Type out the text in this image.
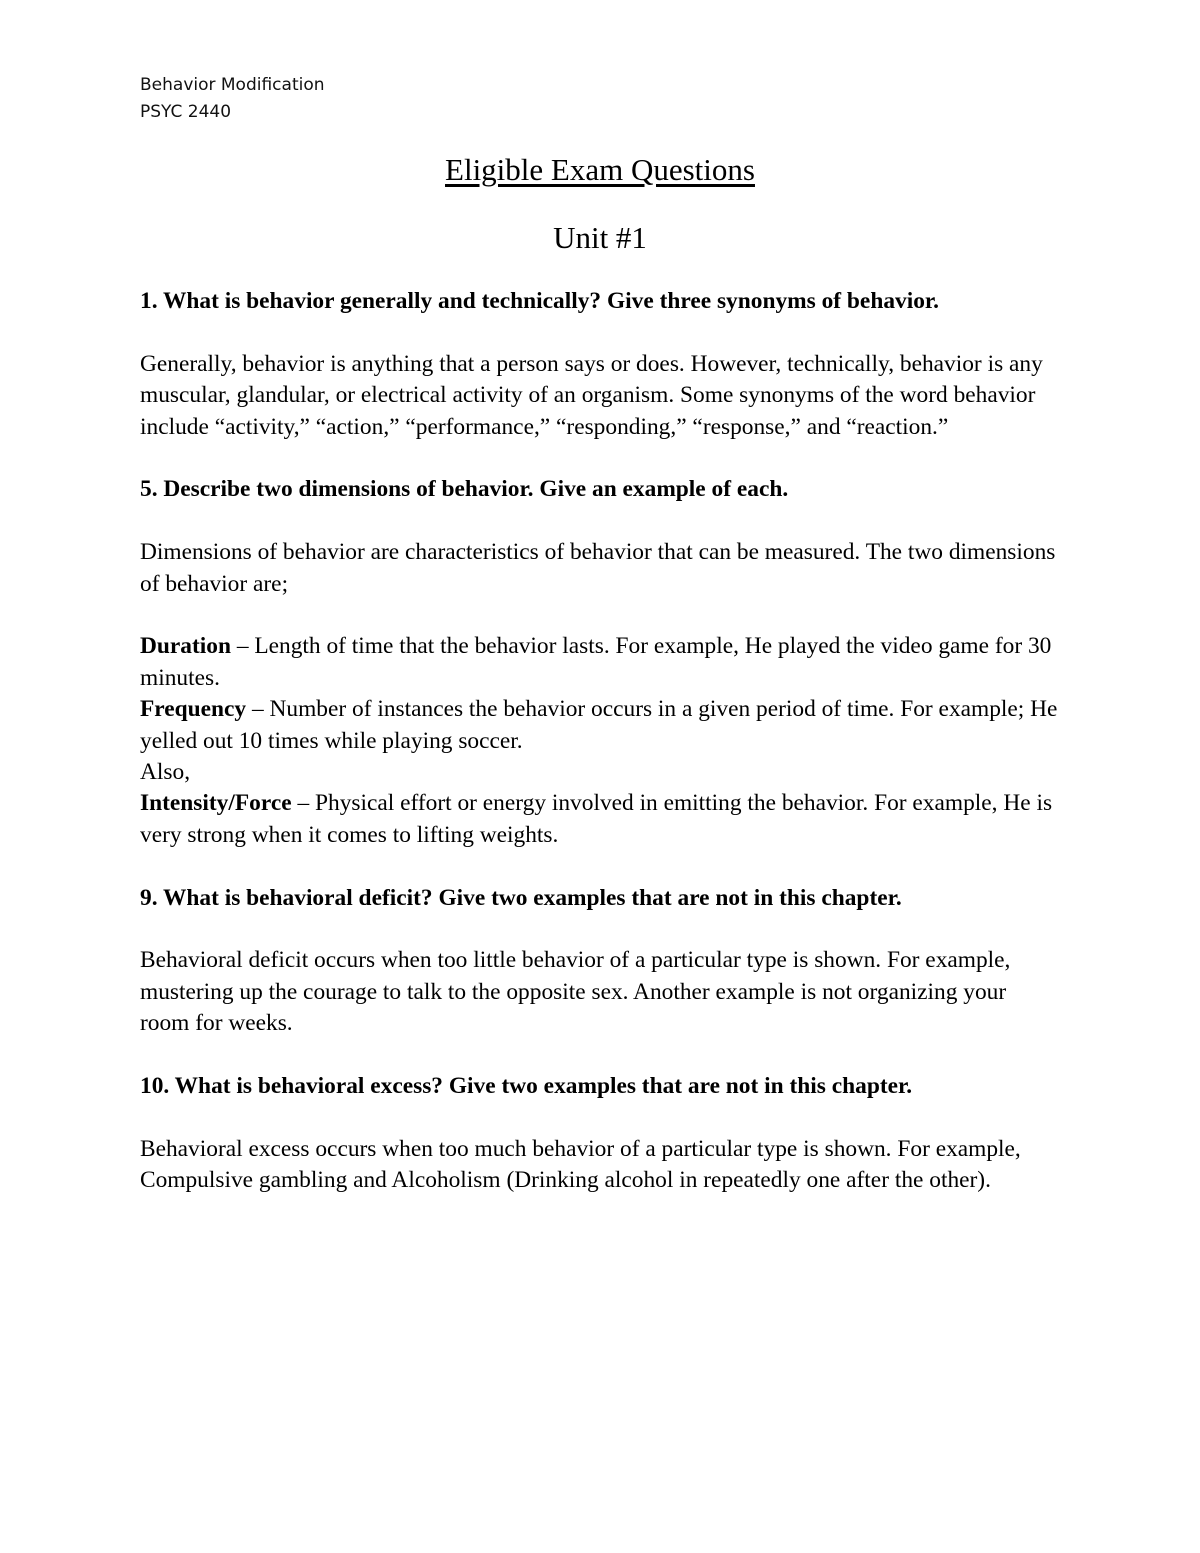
Behavior Modification
PSYC 2440
Eligible Exam Questions
Unit #1

1. What is behavior generally and technically? Give three synonyms of behavior.

Generally, behavior is anything that a person says or does. However, technically, behavior is any muscular, glandular, or electrical activity of an organism. Some synonyms of the word behavior include “activity,” “action,” “performance,” “responding,” “response,” and “reaction.”

5. Describe two dimensions of behavior. Give an example of each.

Dimensions of behavior are characteristics of behavior that can be measured. The two dimensions of behavior are;

Duration – Length of time that the behavior lasts. For example, He played the video game for 30 minutes.

Frequency – Number of instances the behavior occurs in a given period of time. For example; He yelled out 10 times while playing soccer.

Also,

Intensity/Force – Physical effort or energy involved in emitting the behavior. For example, He is very strong when it comes to lifting weights.

9. What is behavioral deficit? Give two examples that are not in this chapter.

Behavioral deficit occurs when too little behavior of a particular type is shown. For example, mustering up the courage to talk to the opposite sex. Another example is not organizing your room for weeks.

10. What is behavioral excess? Give two examples that are not in this chapter.

Behavioral excess occurs when too much behavior of a particular type is shown. For example, Compulsive gambling and Alcoholism (Drinking alcohol in repeatedly one after the other).
